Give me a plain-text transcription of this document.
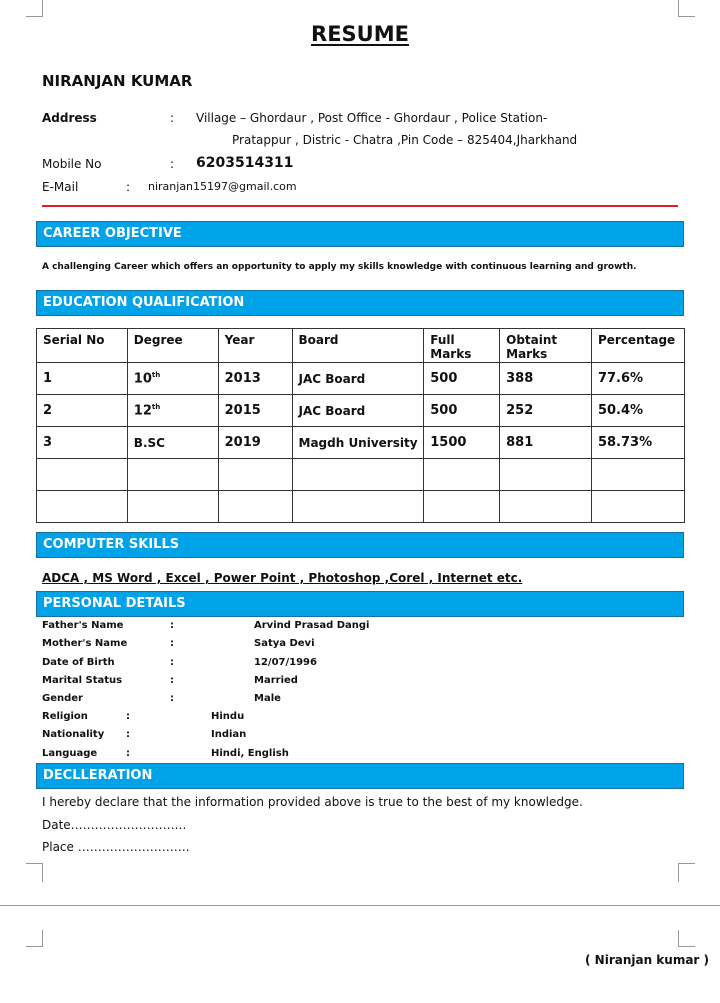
RESUME
NIRANJAN KUMAR
Address	: Village – Ghordaur , Post Office - Ghordaur , Police Station-
Pratappur , Distric - Chatra ,Pin Code – 825404,Jharkhand
Mobile No	: 6203514311
E-Mail	: niranjan15197@gmail.com
CAREER OBJECTIVE
A challenging Career which offers an opportunity to apply my skills knowledge with continuous learning and growth.
EDUCATION QUALIFICATION
Serial No	Degree	Year	Board	Full Marks	Obtaint Marks	Percentage
1	10th	2013	JAC Board	500	388	77.6%
2	12th	2015	JAC Board	500	252	50.4%
3	B.SC	2019	Magdh University	1500	881	58.73%

COMPUTER SKILLS
ADCA , MS Word , Excel , Power Point , Photoshop ,Corel , Internet etc.
PERSONAL DETAILS
Father's Name	:	Arvind Prasad Dangi
Mother's Name	:	Satya Devi
Date of Birth	:	12/07/1996
Marital Status	:	Married
Gender	:	Male
Religion	:	Hindu
Nationality :	Indian
Language	:	Hindi, English
DECLLERATION
I hereby declare that the information provided above is true to the best of my knowledge.
Date………………………..
Place ……………………….
( Niranjan kumar )
